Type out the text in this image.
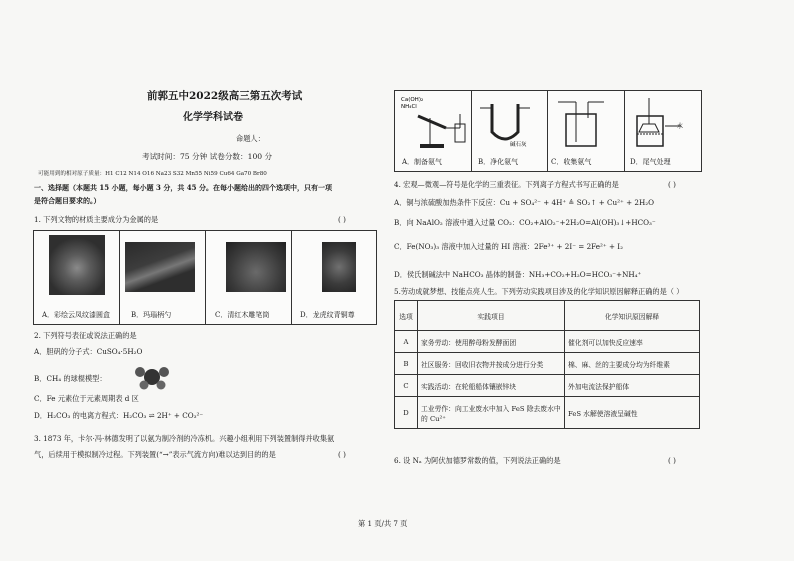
前郭五中2022级高三第五次考试
化学学科试卷
命题人：
考试时间：75 分钟 试卷分数：100 分
可能用到的相对原子质量：H1 C12 N14 O16 Na23 S32 Mn55 Ni59 Cu64 Ga70 Br80
一、选择题（本题共 15 小题，每小题 3 分，共 45 分。在每小题给出的四个选项中，只有一项
是符合题目要求的。）
1. 下列文物的材质主要成分为金属的是	( )
A．彩绘云凤纹漆圆盒	B．玛瑙柄勺	C．清红木雕笔筒	D．龙虎纹青铜尊
2. 下列符号表征或说法正确的是
A．胆矾的分子式：CuSO₄·5H₂O
B．CH₄ 的球棍模型：
C．Fe 元素位于元素周期表 d 区
D．H₂CO₃ 的电离方程式：H₂CO₃ ⇌ 2H⁺ + CO₃²⁻
3. 1873 年，卡尔·冯·林德发明了以氨为制冷剂的冷冻机。兴趣小组利用下列装置制得并收集氨
气，后续用于模拟制冷过程。下列装置(“→”表示气流方向)难以达到目的的是	( )
Ca(OH)₂
NH₄Cl
碱石灰
水
A．制备氨气	B．净化氨气	C．收集氨气	D．尾气处理
4. 宏观—微观—符号是化学的三重表征。下列离子方程式书写正确的是	( )
A．铜与浓硫酸加热条件下反应：Cu + SO₄²⁻ + 4H⁺ ≜ SO₂↑ + Cu²⁺ + 2H₂O
B．向 NaAlO₂ 溶液中通入过量 CO₂：CO₂+AlO₂⁻+2H₂O=Al(OH)₃↓+HCO₃⁻
C．Fe(NO₃)₃ 溶液中加入过量的 HI 溶液：2Fe³⁺ + 2I⁻ = 2Fe²⁺ + I₂
D．侯氏制碱法中 NaHCO₃ 晶体的制备：NH₃+CO₂+H₂O=HCO₃⁻+NH₄⁺
5.劳动成就梦想、技能点亮人生。下列劳动实践项目涉及的化学知识原因解释正确的是（ ）
选项	实践项目	化学知识原因解释
A	家务劳动：使用醉母粉发酵面团	催化剂可以加快反应速率
B	社区服务：回收旧衣物并按成分进行分类	棉、麻、丝的主要成分均为纤维素
C	实践活动：在轮船船体镶嵌锌块	外加电流法保护船体
D	工业劳作：向工业废水中加入 FeS 除去废水中的 Cu²⁺	FeS 水解使溶液呈碱性
6. 设 Nₐ 为阿伏加德罗常数的值，下列说法正确的是	( )
第 1 页/共 7 页
